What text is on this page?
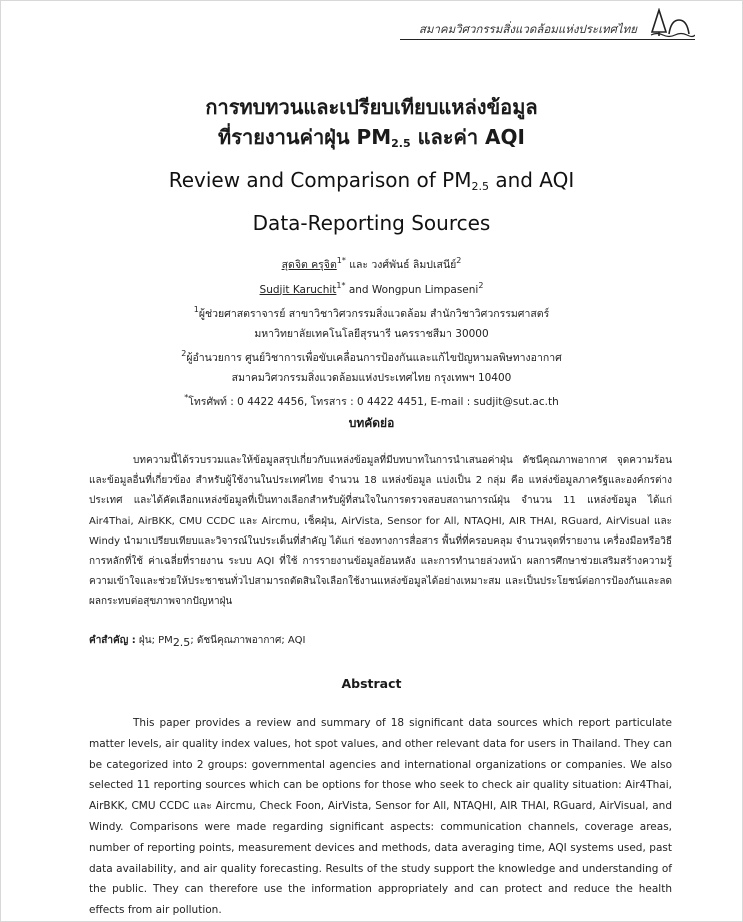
สมาคมวิศวกรรมสิ่งแวดล้อมแห่งประเทศไทย
การทบทวนและเปรียบเทียบแหล่งข้อมูล
ที่รายงานค่าฝุ่น $PM_{2.5}$ และค่า AQI
Review and Comparison of $PM_{2.5}$ and AQI
Data-Reporting Sources
สุดจิต ครุจิต$^{1*}$ และ วงศ์พันธ์ ลิมปเสนีย์$^2$
Sudjit Karuchit$^{1*}$ and Wongpun Limpaseni$^2$
$^1$ผู้ช่วยศาสตราจารย์ สาขาวิชาวิศวกรรมสิ่งแวดล้อม สำนักวิชาวิศวกรรมศาสตร์
มหาวิทยาลัยเทคโนโลยีสุรนารี นครราชสีมา 30000
$^2$ผู้อำนวยการ ศูนย์วิชาการเพื่อขับเคลื่อนการป้องกันและแก้ไขปัญหามลพิษทางอากาศ
สมาคมวิศวกรรมสิ่งแวดล้อมแห่งประเทศไทย กรุงเทพฯ 10400
*โทรศัพท์ : 0 4422 4456, โทรสาร : 0 4422 4451, E-mail : sudjit@sut.ac.th
บทคัดย่อ

บทความนี้ได้รวบรวมและให้ข้อมูลสรุปเกี่ยวกับแหล่งข้อมูลที่มีบทบาทในการนำเสนอค่าฝุ่น ดัชนีคุณภาพอากาศ จุดความร้อน และข้อมูลอื่นที่เกี่ยวข้อง สำหรับผู้ใช้งานในประเทศไทย จำนวน 18 แหล่งข้อมูล แบ่งเป็น 2 กลุ่ม คือ แหล่งข้อมูลภาครัฐและองค์กรต่างประเทศ และได้คัดเลือกแหล่งข้อมูลที่เป็นทางเลือกสำหรับผู้ที่สนใจในการตรวจสอบสถานการณ์ฝุ่น จำนวน 11 แหล่งข้อมูล ได้แก่ Air4Thai, AirBKK, CMU CCDC และ Aircmu, เช็คฝุ่น, AirVista, Sensor for All, NTAQHI, AIR THAI, RGuard, AirVisual และ Windy นำมาเปรียบเทียบและวิจารณ์ในประเด็นที่สำคัญ ได้แก่ ช่องทางการสื่อสาร พื้นที่ที่ครอบคลุม จำนวนจุดที่รายงาน เครื่องมือหรือวิธีการหลักที่ใช้ ค่าเฉลี่ยที่รายงาน ระบบ AQI ที่ใช้ การรายงานข้อมูลย้อนหลัง และการทำนายล่วงหน้า ผลการศึกษาช่วยเสริมสร้างความรู้ความเข้าใจและช่วยให้ประชาชนทั่วไปสามารถตัดสินใจเลือกใช้งานแหล่งข้อมูลได้อย่างเหมาะสม และเป็นประโยชน์ต่อการป้องกันและลดผลกระทบต่อสุขภาพจากปัญหาฝุ่น

คำสำคัญ : ฝุ่น; $PM_{2.5}$; ดัชนีคุณภาพอากาศ; AQI
Abstract

This paper provides a review and summary of 18 significant data sources which report particulate matter levels, air quality index values, hot spot values, and other relevant data for users in Thailand. They can be categorized into 2 groups: governmental agencies and international organizations or companies. We also selected 11 reporting sources which can be options for those who seek to check air quality situation: Air4Thai, AirBKK, CMU CCDC และ Aircmu, Check Foon, AirVista, Sensor for All, NTAQHI, AIR THAI, RGuard, AirVisual, and Windy. Comparisons were made regarding significant aspects: communication channels, coverage areas, number of reporting points, measurement devices and methods, data averaging time, AQI systems used, past data availability, and air quality forecasting. Results of the study support the knowledge and understanding of the public. They can therefore use the information appropriately and can protect and reduce the health effects from air pollution.
